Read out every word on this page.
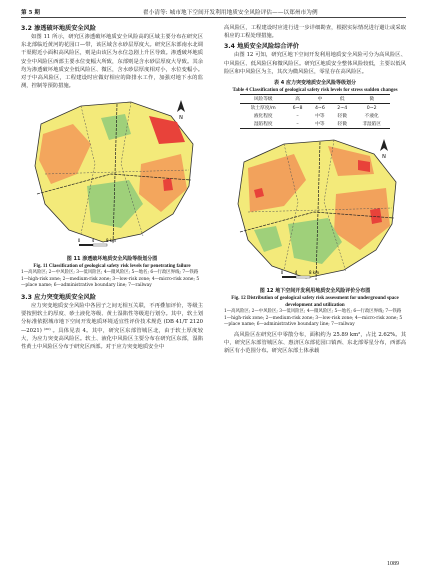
第 5 期	翟小清等: 城市地下空间开发利用地质安全风险评估——以郑州市为例

3.2 渗透破坏地质安全风险

如图 11 所示，研究区渗透破坏地质安全风险高的区域主要分布在研究区东北部临近黄河的花园口—带，该区域含水砂层厚度大。研究区东部南水北调干渠附近小面积高风险区，则是由该区为水位急剧上升区导致。渗透破坏地质安全中风险区西部主要水位变幅大所致，东部则是含水砂层厚度大导致。其余均为渗透破坏地质安全低风险区、微区，含水砂层厚度相对小，水位变幅小。对于中高风险区，工程建设时应做好相应的降排水工作，加强对地下水的监测，控制等预防措施。

N
0	4	8 km

图 11 渗透破坏地质安全风险等级划分图

Fig. 11 Classification of geological safety risk levels for penetrating failure

1—高风险区; 2—中风险区; 3—低风险区; 4—微风险区; 5—地名; 6—行政区界线; 7—铁路

1—high-risk zone; 2—medium-risk zone; 3—low-risk zone; 4—micro-risk zone; 5—place name; 6—administrative boundary line; 7—railway

3.3 应力突变地质安全风险

应力突变地质安全风险中各因子之间无相互关联，不再叠加评价，等级主要按照软土的厚度、砂土液化等级、黄土湿陷性等级进行划分。其中，软土划分标准依据城市地下空间开发地质环境适宜性评价技术规范 (DB 41/T 2120—2021) ⁽²⁰⁾ 。具体见表 4。其中，研究区东部管城区北，由于软土厚度较大，为应力突变高风险区。软土、液化中风险区主要分布在研究区东部，湿陷性黄土中风险区分布于研究区西部。对于应力突变地质安全中

高风险区，工程建设时应进行进一步详细勘查，根据实际情况进行避让或采取相应的工程处理措施。

3.4 地质安全风险综合评价

由图 12 可知，研究区地下空间开发利用地质安全风险可分为高风险区、中风险区、低风险区和微风险区。研究区地质安全整体风险较低，主要以低风险区和中风险区为主，其次为微风险区，零星存在高风险区。

表 4 应力突变地质安全风险等级划分

Table 4 Classification of geological safety risk levels for stress sudden changes

风险等级	高	中	低	微
软土厚度/m	6~8	4~6	2~4	0~2
液化程度	–	中等	轻微	不液化
湿陷程度	–	中等	轻微	非湿陷区
N
0	4	8 km

图 12 地下空间开发利用地质安全风险评价分布图

Fig. 12 Distribution of geological safety risk assessment for underground space development and utilization

1—高风险区; 2—中风险区; 3—低风险区; 4—微风险区; 5—地名; 6—行政区界线; 7—铁路

1—high-risk zone; 2—medium-risk zone; 3—low-risk zone; 4—micro-risk zone; 5—place name; 6—administrative boundary line; 7—railway

高风险区在研究区中零散分布，面积约为 25.89 km²，占比 2.62%。其中，研究区东部管城区东、惠济区东部花园口镇西、东北部零星分布，西部高新区有小范围分布。研究区东部土体承载

1089
